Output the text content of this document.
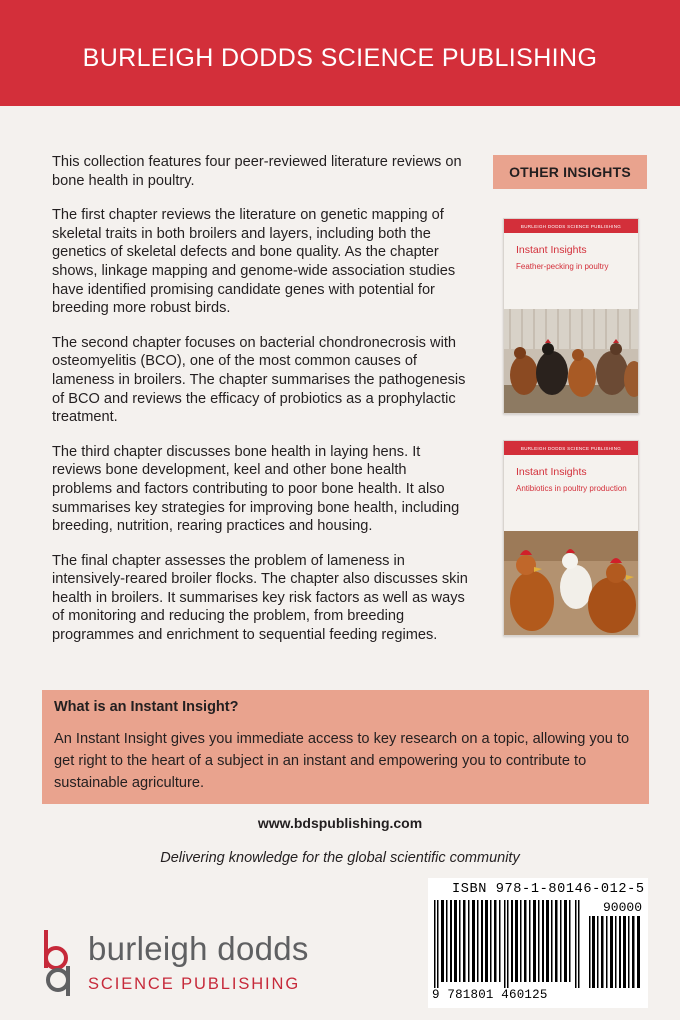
BURLEIGH DODDS SCIENCE PUBLISHING

This collection features four peer-reviewed literature reviews on bone health in poultry.

The first chapter reviews the literature on genetic mapping of skeletal traits in both broilers and layers, including both the genetics of skeletal defects and bone quality. As the chapter shows, linkage mapping and genome-wide association studies have identified promising candidate genes with potential for breeding more robust birds.

The second chapter focuses on bacterial chondronecrosis with osteomyelitis (BCO), one of the most common causes of lameness in broilers. The chapter summarises the pathogenesis of BCO and reviews the efficacy of probiotics as a prophylactic treatment.

The third chapter discusses bone health in laying hens. It reviews bone development, keel and other bone health problems and factors contributing to poor bone health. It also summarises key strategies for improving bone health, including breeding, nutrition, rearing practices and housing.

The final chapter assesses the problem of lameness in intensively-reared broiler flocks. The chapter also discusses skin health in broilers. It summarises key risk factors as well as ways of monitoring and reducing the problem, from breeding programmes and enrichment to sequential feeding regimes.

OTHER INSIGHTS
BURLEIGH DODDS SCIENCE PUBLISHING
Instant Insights
Feather-pecking in poultry
BURLEIGH DODDS SCIENCE PUBLISHING
Instant Insights
Antibiotics in poultry production
What is an Instant Insight?
An Instant Insight gives you immediate access to key research on a topic, allowing you to get right to the heart of a subject in an instant and empowering you to contribute to sustainable agriculture.
www.bdspublishing.com
Delivering knowledge for the global scientific community
burleigh dodds
SCIENCE PUBLISHING
ISBN 978-1-80146-012-5
90000
9 781801 460125
